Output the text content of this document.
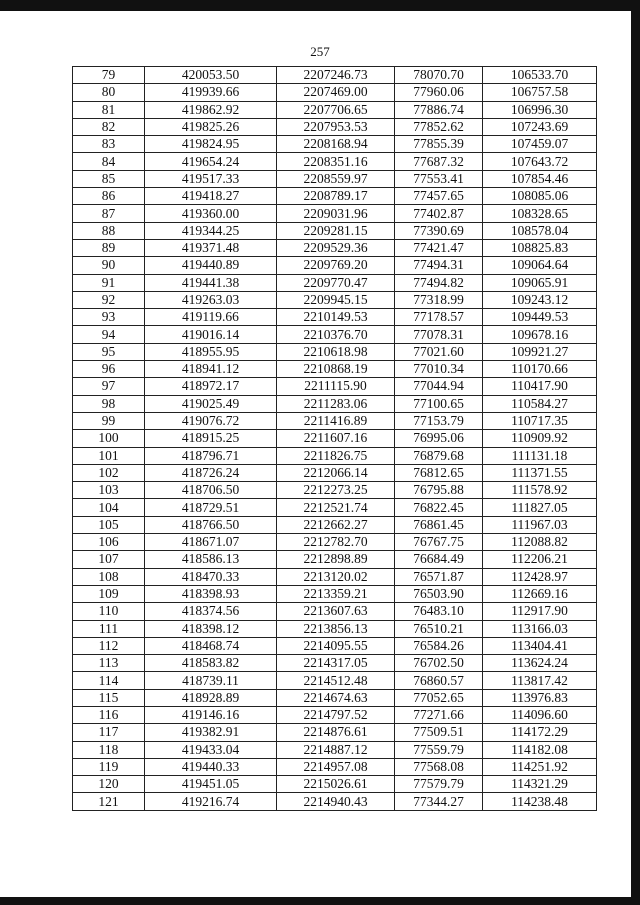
257
79	420053.50	2207246.73	78070.70	106533.70
80	419939.66	2207469.00	77960.06	106757.58
81	419862.92	2207706.65	77886.74	106996.30
82	419825.26	2207953.53	77852.62	107243.69
83	419824.95	2208168.94	77855.39	107459.07
84	419654.24	2208351.16	77687.32	107643.72
85	419517.33	2208559.97	77553.41	107854.46
86	419418.27	2208789.17	77457.65	108085.06
87	419360.00	2209031.96	77402.87	108328.65
88	419344.25	2209281.15	77390.69	108578.04
89	419371.48	2209529.36	77421.47	108825.83
90	419440.89	2209769.20	77494.31	109064.64
91	419441.38	2209770.47	77494.82	109065.91
92	419263.03	2209945.15	77318.99	109243.12
93	419119.66	2210149.53	77178.57	109449.53
94	419016.14	2210376.70	77078.31	109678.16
95	418955.95	2210618.98	77021.60	109921.27
96	418941.12	2210868.19	77010.34	110170.66
97	418972.17	2211115.90	77044.94	110417.90
98	419025.49	2211283.06	77100.65	110584.27
99	419076.72	2211416.89	77153.79	110717.35
100	418915.25	2211607.16	76995.06	110909.92
101	418796.71	2211826.75	76879.68	111131.18
102	418726.24	2212066.14	76812.65	111371.55
103	418706.50	2212273.25	76795.88	111578.92
104	418729.51	2212521.74	76822.45	111827.05
105	418766.50	2212662.27	76861.45	111967.03
106	418671.07	2212782.70	76767.75	112088.82
107	418586.13	2212898.89	76684.49	112206.21
108	418470.33	2213120.02	76571.87	112428.97
109	418398.93	2213359.21	76503.90	112669.16
110	418374.56	2213607.63	76483.10	112917.90
111	418398.12	2213856.13	76510.21	113166.03
112	418468.74	2214095.55	76584.26	113404.41
113	418583.82	2214317.05	76702.50	113624.24
114	418739.11	2214512.48	76860.57	113817.42
115	418928.89	2214674.63	77052.65	113976.83
116	419146.16	2214797.52	77271.66	114096.60
117	419382.91	2214876.61	77509.51	114172.29
118	419433.04	2214887.12	77559.79	114182.08
119	419440.33	2214957.08	77568.08	114251.92
120	419451.05	2215026.61	77579.79	114321.29
121	419216.74	2214940.43	77344.27	114238.48
